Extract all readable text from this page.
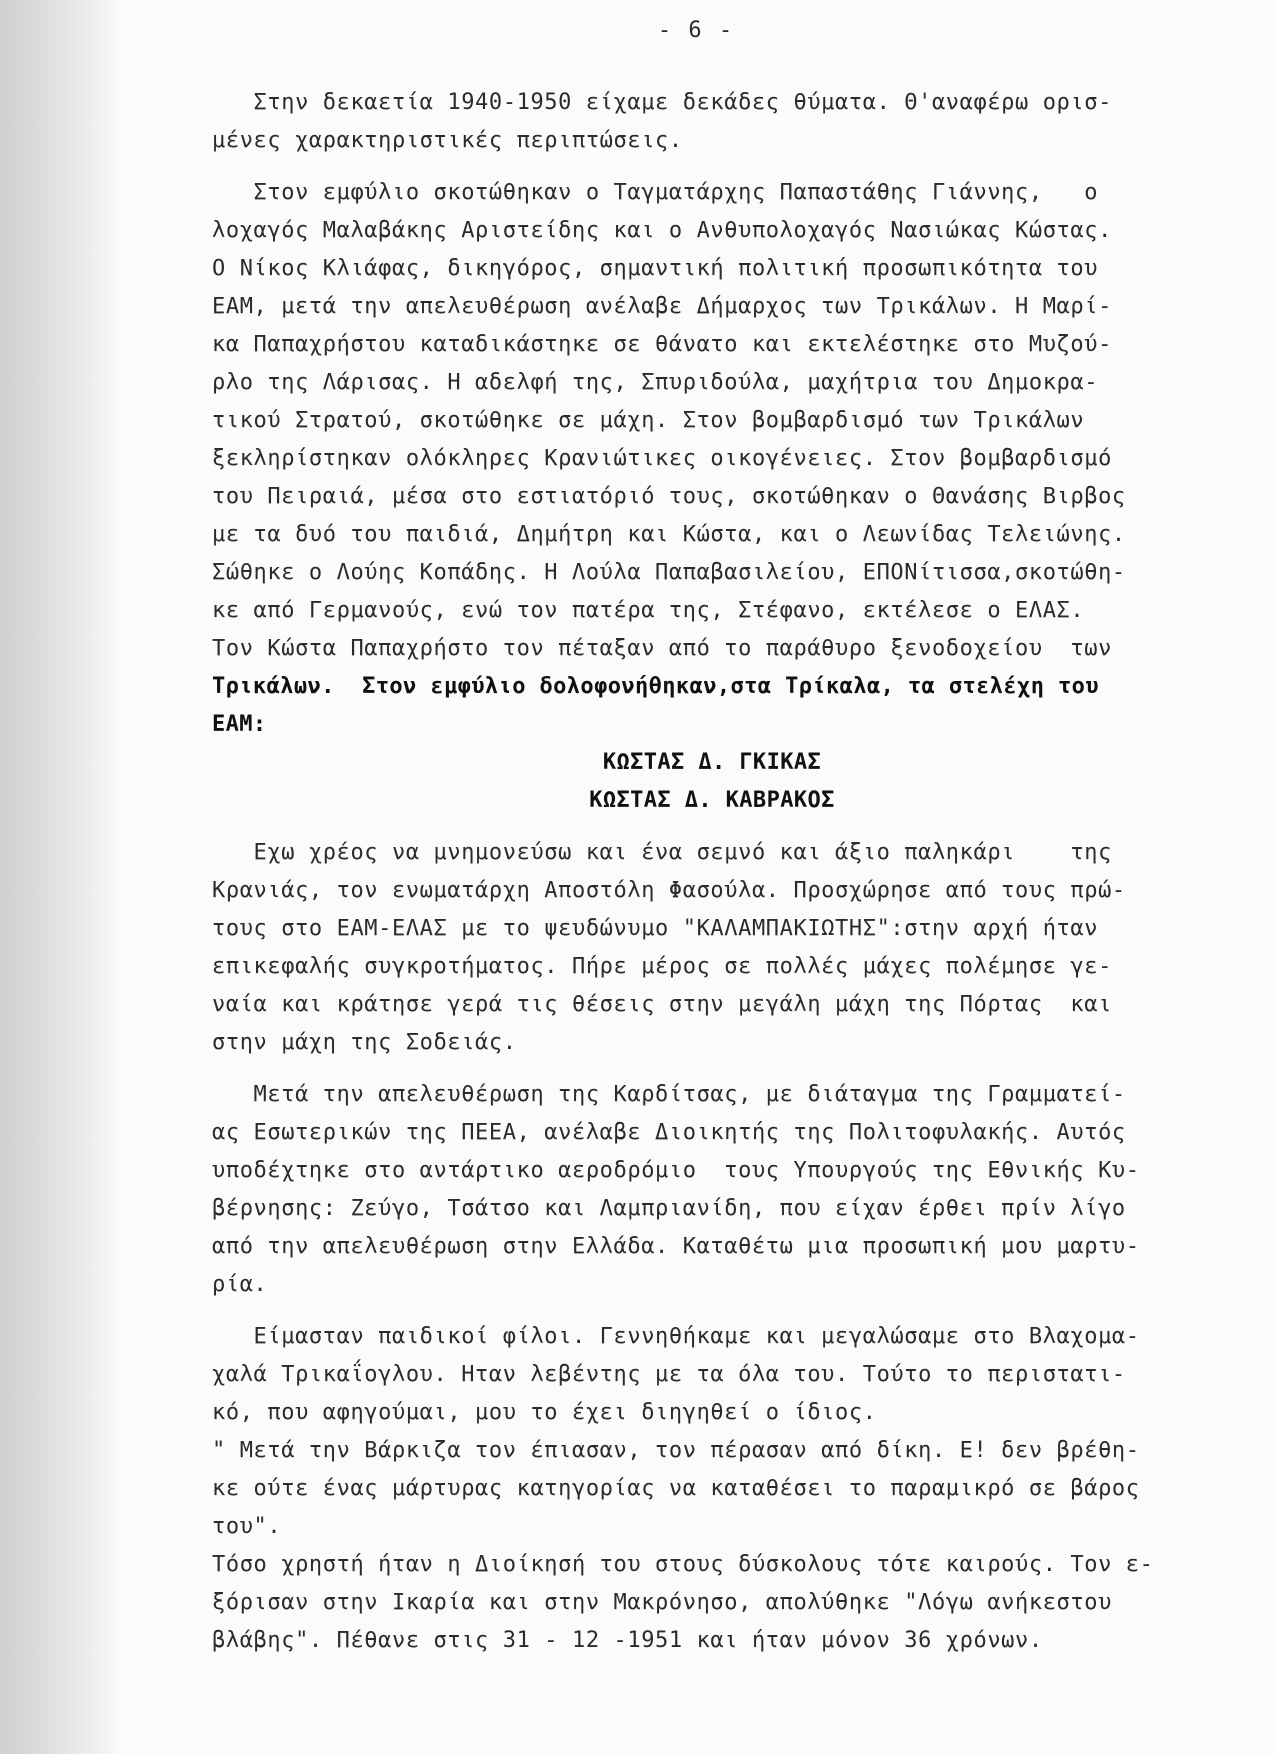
- 6 -
Στην δεκαετία 1940-1950 είχαμε δεκάδες θύματα. Θ'αναφέρω ορισ-
μένες χαρακτηριστικές περιπτώσεις.
Στον εμφύλιο σκοτώθηκαν ο Ταγματάρχης Παπαστάθης Γιάννης,   ο
λοχαγός Μαλαβάκης Αριστείδης και ο Ανθυπολοχαγός Νασιώκας Κώστας.
Ο Νίκος Κλιάφας, δικηγόρος, σημαντική πολιτική προσωπικότητα του
ΕΑΜ, μετά την απελευθέρωση ανέλαβε Δήμαρχος των Τρικάλων. Η Μαρί-
κα Παπαχρήστου καταδικάστηκε σε θάνατο και εκτελέστηκε στο Μυζού-
ρλο της Λάρισας. Η αδελφή της, Σπυριδούλα, μαχήτρια του Δημοκρα-
τικού Στρατού, σκοτώθηκε σε μάχη. Στον βομβαρδισμό των Τρικάλων
ξεκληρίστηκαν ολόκληρες Κρανιώτικες οικογένειες. Στον βομβαρδισμό
του Πειραιά, μέσα στο εστιατόριό τους, σκοτώθηκαν ο Θανάσης Βιρβος
με τα δυό του παιδιά, Δημήτρη και Κώστα, και ο Λεωνίδας Τελειώνης.
Σώθηκε ο Λούης Κοπάδης. Η Λούλα Παπαβασιλείου, ΕΠΟΝίτισσα,σκοτώθη-
κε από Γερμανούς, ενώ τον πατέρα της, Στέφανο, εκτέλεσε ο ΕΛΑΣ.
Τον Κώστα Παπαχρήστο τον πέταξαν από το παράθυρο ξενοδοχείου  των
Τρικάλων.  Στον εμφύλιο δολοφονήθηκαν,στα Τρίκαλα, τα στελέχη του
ΕΑΜ:
ΚΩΣΤΑΣ Δ. ΓΚΙΚΑΣ
ΚΩΣΤΑΣ Δ. ΚΑΒΡΑΚΟΣ
Εχω χρέος να μνημονεύσω και ένα σεμνό και άξιο παληκάρι    της
Κρανιάς, τον ενωματάρχη Αποστόλη Φασούλα. Προσχώρησε από τους πρώ-
τους στο ΕΑΜ-ΕΛΑΣ με το ψευδώνυμο "ΚΑΛΑΜΠΑΚΙΩΤΗΣ":στην αρχή ήταν
επικεφαλής συγκροτήματος. Πήρε μέρος σε πολλές μάχες πολέμησε γε-
ναία και κράτησε γερά τις θέσεις στην μεγάλη μάχη της Πόρτας  και
στην μάχη της Σοδειάς.
Μετά την απελευθέρωση της Καρδίτσας, με διάταγμα της Γραμματεί-
ας Εσωτερικών της ΠΕΕΑ, ανέλαβε Διοικητής της Πολιτοφυλακής. Αυτός
υποδέχτηκε στο αντάρτικο αεροδρόμιο  τους Υπουργούς της Εθνικής Κυ-
βέρνησης: Ζεύγο, Τσάτσο και Λαμπριανίδη, που είχαν έρθει πρίν λίγο
από την απελευθέρωση στην Ελλάδα. Καταθέτω μια προσωπική μου μαρτυ-
ρία.
Είμασταν παιδικοί φίλοι. Γεννηθήκαμε και μεγαλώσαμε στο Βλαχομα-
χαλά Τρικαΐογλου. Ηταν λεβέντης με τα όλα του. Τούτο το περιστατι-
κό, που αφηγούμαι, μου το έχει διηγηθεί ο ίδιος.
" Μετά την Βάρκιζα τον έπιασαν, τον πέρασαν από δίκη. Ε! δεν βρέθη-
κε ούτε ένας μάρτυρας κατηγορίας να καταθέσει το παραμικρό σε βάρος
του".
Τόσο χρηστή ήταν η Διοίκησή του στους δύσκολους τότε καιρούς. Τον ε-
ξόρισαν στην Ικαρία και στην Μακρόνησο, απολύθηκε "Λόγω ανήκεστου
βλάβης". Πέθανε στις 31 - 12 -1951 και ήταν μόνον 36 χρόνων.
